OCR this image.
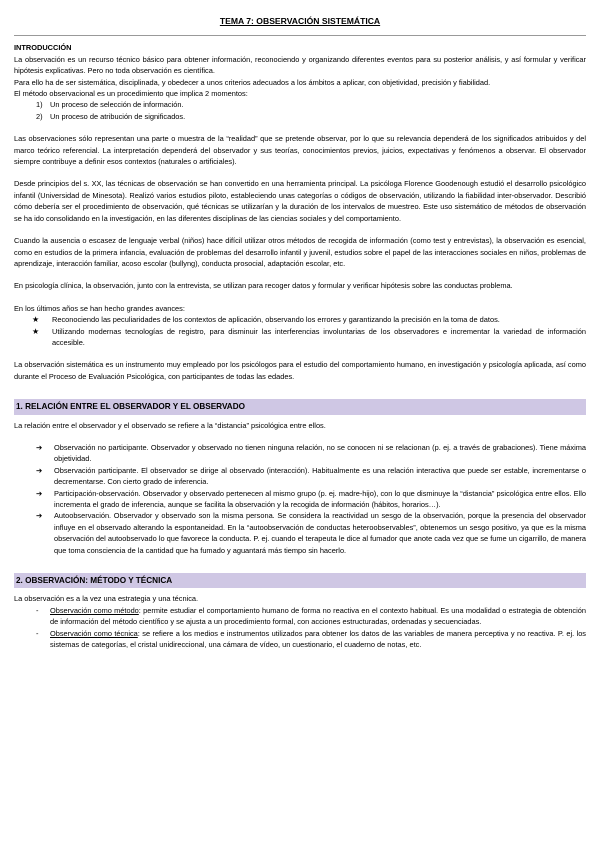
TEMA 7: OBSERVACIÓN SISTEMÁTICA
INTRODUCCIÓN

La observación es un recurso técnico básico para obtener información, reconociendo y organizando diferentes eventos para su posterior análisis, y así formular y verificar hipótesis explicativas. Pero no toda observación es científica.

Para ello ha de ser sistemática, disciplinada, y obedecer a unos criterios adecuados a los ámbitos a aplicar, con objetividad, precisión y fiabilidad.

El método observacional es un procedimiento que implica 2 momentos:

1) Un proceso de selección de información.
2) Un proceso de atribución de significados.

Las observaciones sólo representan una parte o muestra de la “realidad” que se pretende observar, por lo que su relevancia dependerá de los significados atribuidos y del marco teórico referencial. La interpretación dependerá del observador y sus teorías, conocimientos previos, juicios, expectativas y fenómenos a observar. El observador siempre contribuye a definir esos contextos (naturales o artificiales).

Desde principios del s. XX, las técnicas de observación se han convertido en una herramienta principal. La psicóloga Florence Goodenough estudió el desarrollo psicológico infantil (Universidad de Minesota). Realizó varios estudios piloto, estableciendo unas categorías o códigos de observación, utilizando la fiabilidad inter-observador. Describió cómo debería ser el procedimiento de observación, qué técnicas se utilizarían y la duración de los intervalos de muestreo. Este uso sistemático de métodos de observación se ha ido consolidando en la investigación, en las diferentes disciplinas de las ciencias sociales y del comportamiento.

Cuando la ausencia o escasez de lenguaje verbal (niños) hace difícil utilizar otros métodos de recogida de información (como test y entrevistas), la observación es esencial, como en estudios de la primera infancia, evaluación de problemas del desarrollo infantil y juvenil, estudios sobre el papel de las interacciones sociales en niños, problemas de aprendizaje, interacción familiar, acoso escolar (bullyng), conducta prosocial, adaptación escolar, etc.

En psicología clínica, la observación, junto con la entrevista, se utilizan para recoger datos y formular y verificar hipótesis sobre las conductas problema.

En los últimos años se han hecho grandes avances:

★ Reconociendo las peculiaridades de los contextos de aplicación, observando los errores y garantizando la precisión en la toma de datos.
★ Utilizando modernas tecnologías de registro, para disminuir las interferencias involuntarias de los observadores e incrementar la variedad de información accesible.

La observación sistemática es un instrumento muy empleado por los psicólogos para el estudio del comportamiento humano, en investigación y psicología aplicada, así como durante el Proceso de Evaluación Psicológica, con participantes de todas las edades.

1. RELACIÓN ENTRE EL OBSERVADOR Y EL OBSERVADO

La relación entre el observador y el observado se refiere a la “distancia” psicológica entre ellos.

➔ Observación no participante. Observador y observado no tienen ninguna relación, no se conocen ni se relacionan (p. ej. a través de grabaciones). Tiene máxima objetividad.
➔ Observación participante. El observador se dirige al observado (interacción). Habitualmente es una relación interactiva que puede ser estable, incrementarse o decrementarse. Con cierto grado de inferencia.
➔ Participación-observación. Observador y observado pertenecen al mismo grupo (p. ej. madre-hijo), con lo que disminuye la “distancia” psicológica entre ellos. Ello incrementa el grado de inferencia, aunque se facilita la observación y la recogida de información (hábitos, horarios…).
➔ Autoobservación. Observador y observado son la misma persona. Se considera la reactividad un sesgo de la observación, porque la presencia del observador influye en el observado alterando la espontaneidad. En la “autoobservación de conductas heteroobservables”, obtenemos un sesgo positivo, ya que es la misma observación del autoobservado lo que favorece la conducta. P. ej. cuando el terapeuta le dice al fumador que anote cada vez que se fume un cigarrillo, de manera que toma consciencia de la cantidad que ha fumado y aguantará más tiempo sin hacerlo.
2. OBSERVACIÓN: MÉTODO Y TÉCNICA

La observación es a la vez una estrategia y una técnica.

- Observación como método: permite estudiar el comportamiento humano de forma no reactiva en el contexto habitual. Es una modalidad o estrategia de obtención de información del método científico y se ajusta a un procedimiento formal, con acciones estructuradas, ordenadas y secuenciadas.
- Observación como técnica: se refiere a los medios e instrumentos utilizados para obtener los datos de las variables de manera perceptiva y no reactiva. P. ej. los sistemas de categorías, el cristal unidireccional, una cámara de vídeo, un cuestionario, el cuaderno de notas, etc.
